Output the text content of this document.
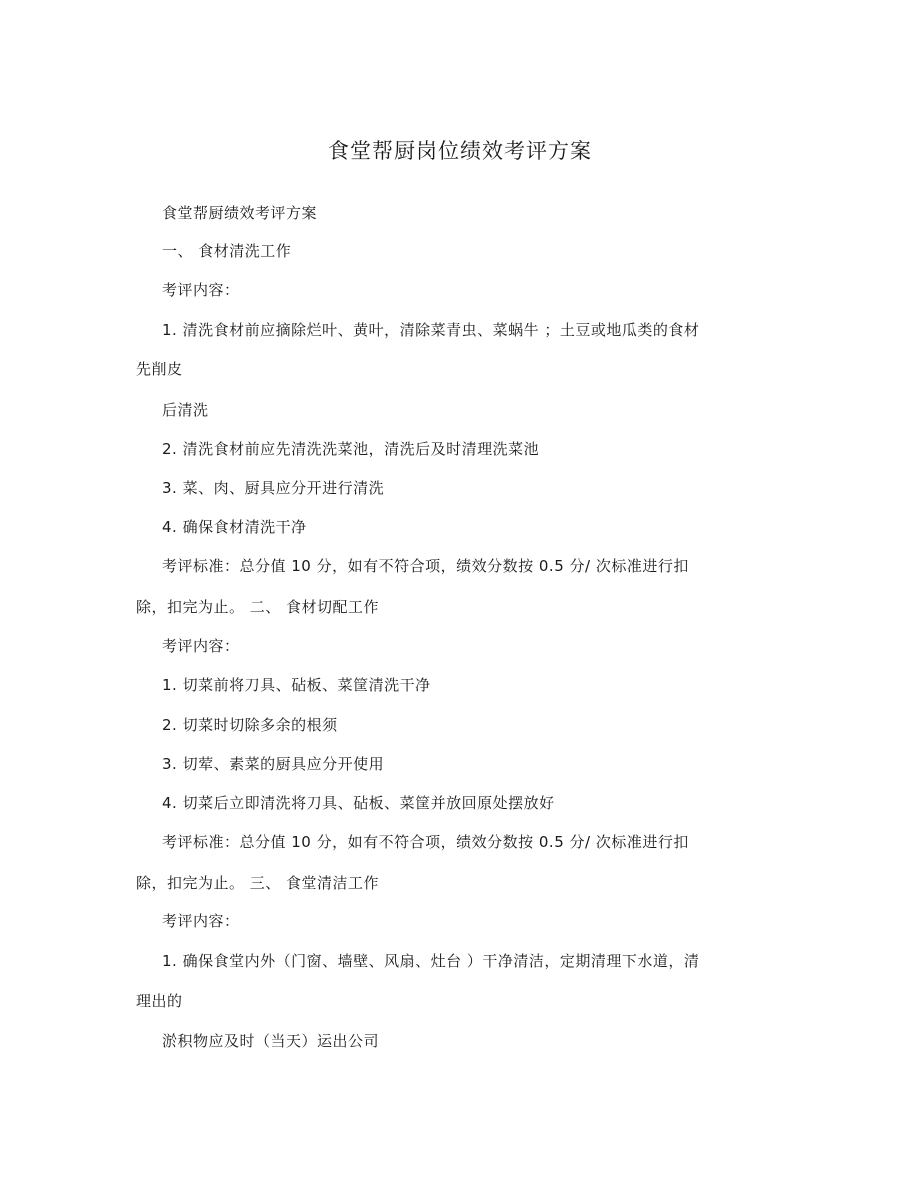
食堂帮厨岗位绩效考评方案
食堂帮厨绩效考评方案
一、 食材清洗工作
考评内容：
1. 清洗食材前应摘除烂叶、黄叶，清除菜青虫、菜蜗牛 ；土豆或地瓜类的食材
先削皮
后清洗
2. 清洗食材前应先清洗洗菜池，清洗后及时清理洗菜池
3. 菜、肉、厨具应分开进行清洗
4. 确保食材清洗干净
考评标准：总分值 10 分，如有不符合项，绩效分数按 0.5 分/ 次标准进行扣
除，扣完为止。 二、 食材切配工作
考评内容：
1. 切菜前将刀具、砧板、菜筐清洗干净
2. 切菜时切除多余的根须
3. 切荤、素菜的厨具应分开使用
4. 切菜后立即清洗将刀具、砧板、菜筐并放回原处摆放好
考评标准：总分值 10 分，如有不符合项，绩效分数按 0.5 分/ 次标准进行扣
除，扣完为止。 三、 食堂清洁工作
考评内容：
1. 确保食堂内外（门窗、墙壁、风扇、灶台 ）干净清洁，定期清理下水道，清
理出的
淤积物应及时（当天）运出公司
